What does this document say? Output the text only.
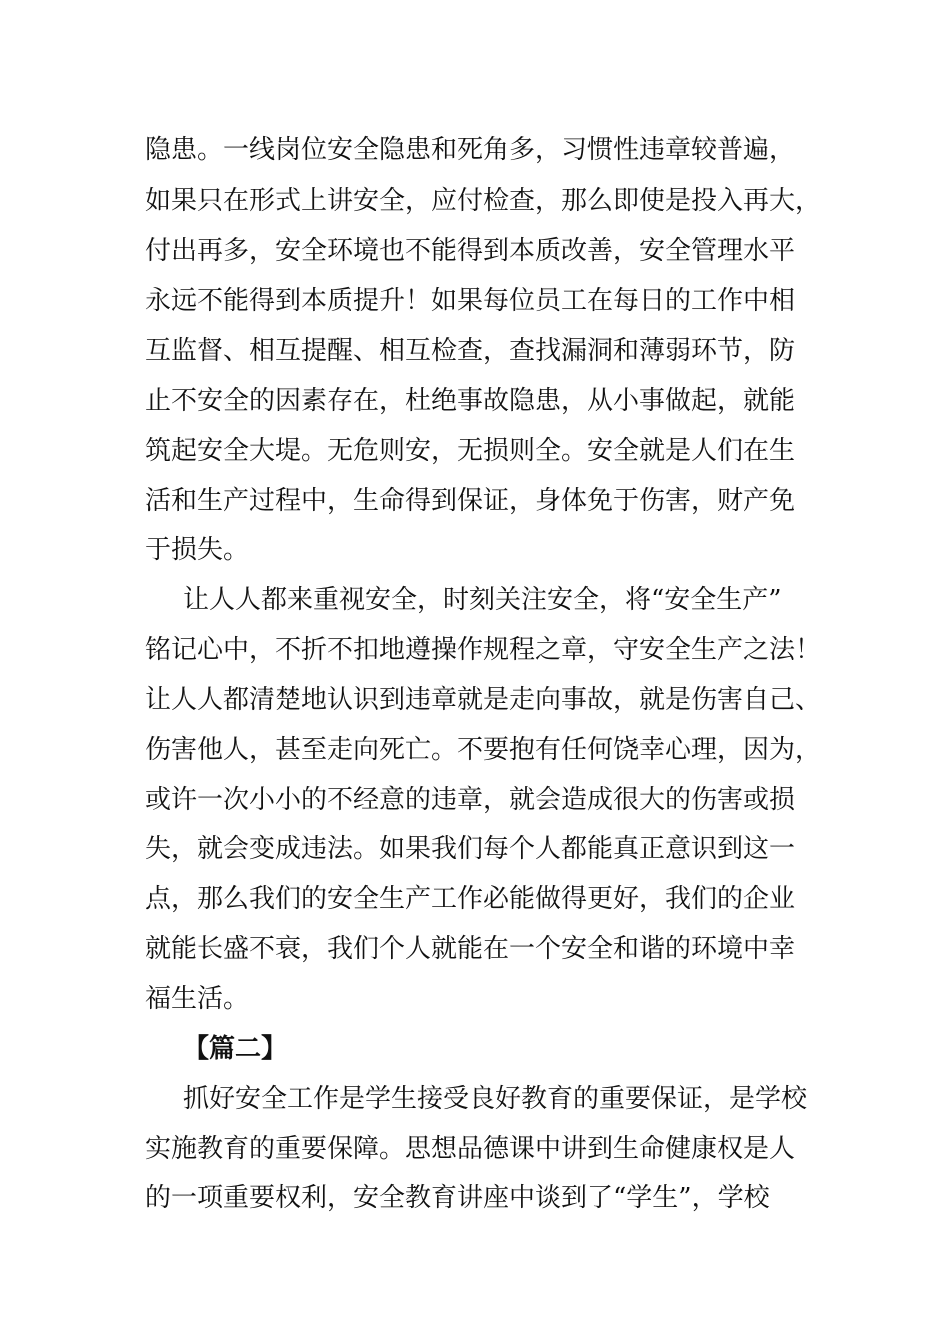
隐患。一线岗位安全隐患和死角多，习惯性违章较普遍，
如果只在形式上讲安全，应付检查，那么即使是投入再大，
付出再多，安全环境也不能得到本质改善，安全管理水平
永远不能得到本质提升！如果每位员工在每日的工作中相
互监督、相互提醒、相互检查，查找漏洞和薄弱环节，防
止不安全的因素存在，杜绝事故隐患，从小事做起，就能
筑起安全大堤。无危则安，无损则全。安全就是人们在生
活和生产过程中，生命得到保证，身体免于伤害，财产免
于损失。
让人人都来重视安全，时刻关注安全，将“安全生产”
铭记心中，不折不扣地遵操作规程之章，守安全生产之法！
让人人都清楚地认识到违章就是走向事故，就是伤害自己、
伤害他人，甚至走向死亡。不要抱有任何饶幸心理，因为，
或许一次小小的不经意的违章，就会造成很大的伤害或损
失，就会变成违法。如果我们每个人都能真正意识到这一
点，那么我们的安全生产工作必能做得更好，我们的企业
就能长盛不衰，我们个人就能在一个安全和谐的环境中幸
福生活。
【篇二】
抓好安全工作是学生接受良好教育的重要保证，是学校
实施教育的重要保障。思想品德课中讲到生命健康权是人
的一项重要权利，安全教育讲座中谈到了“学生”，学校
